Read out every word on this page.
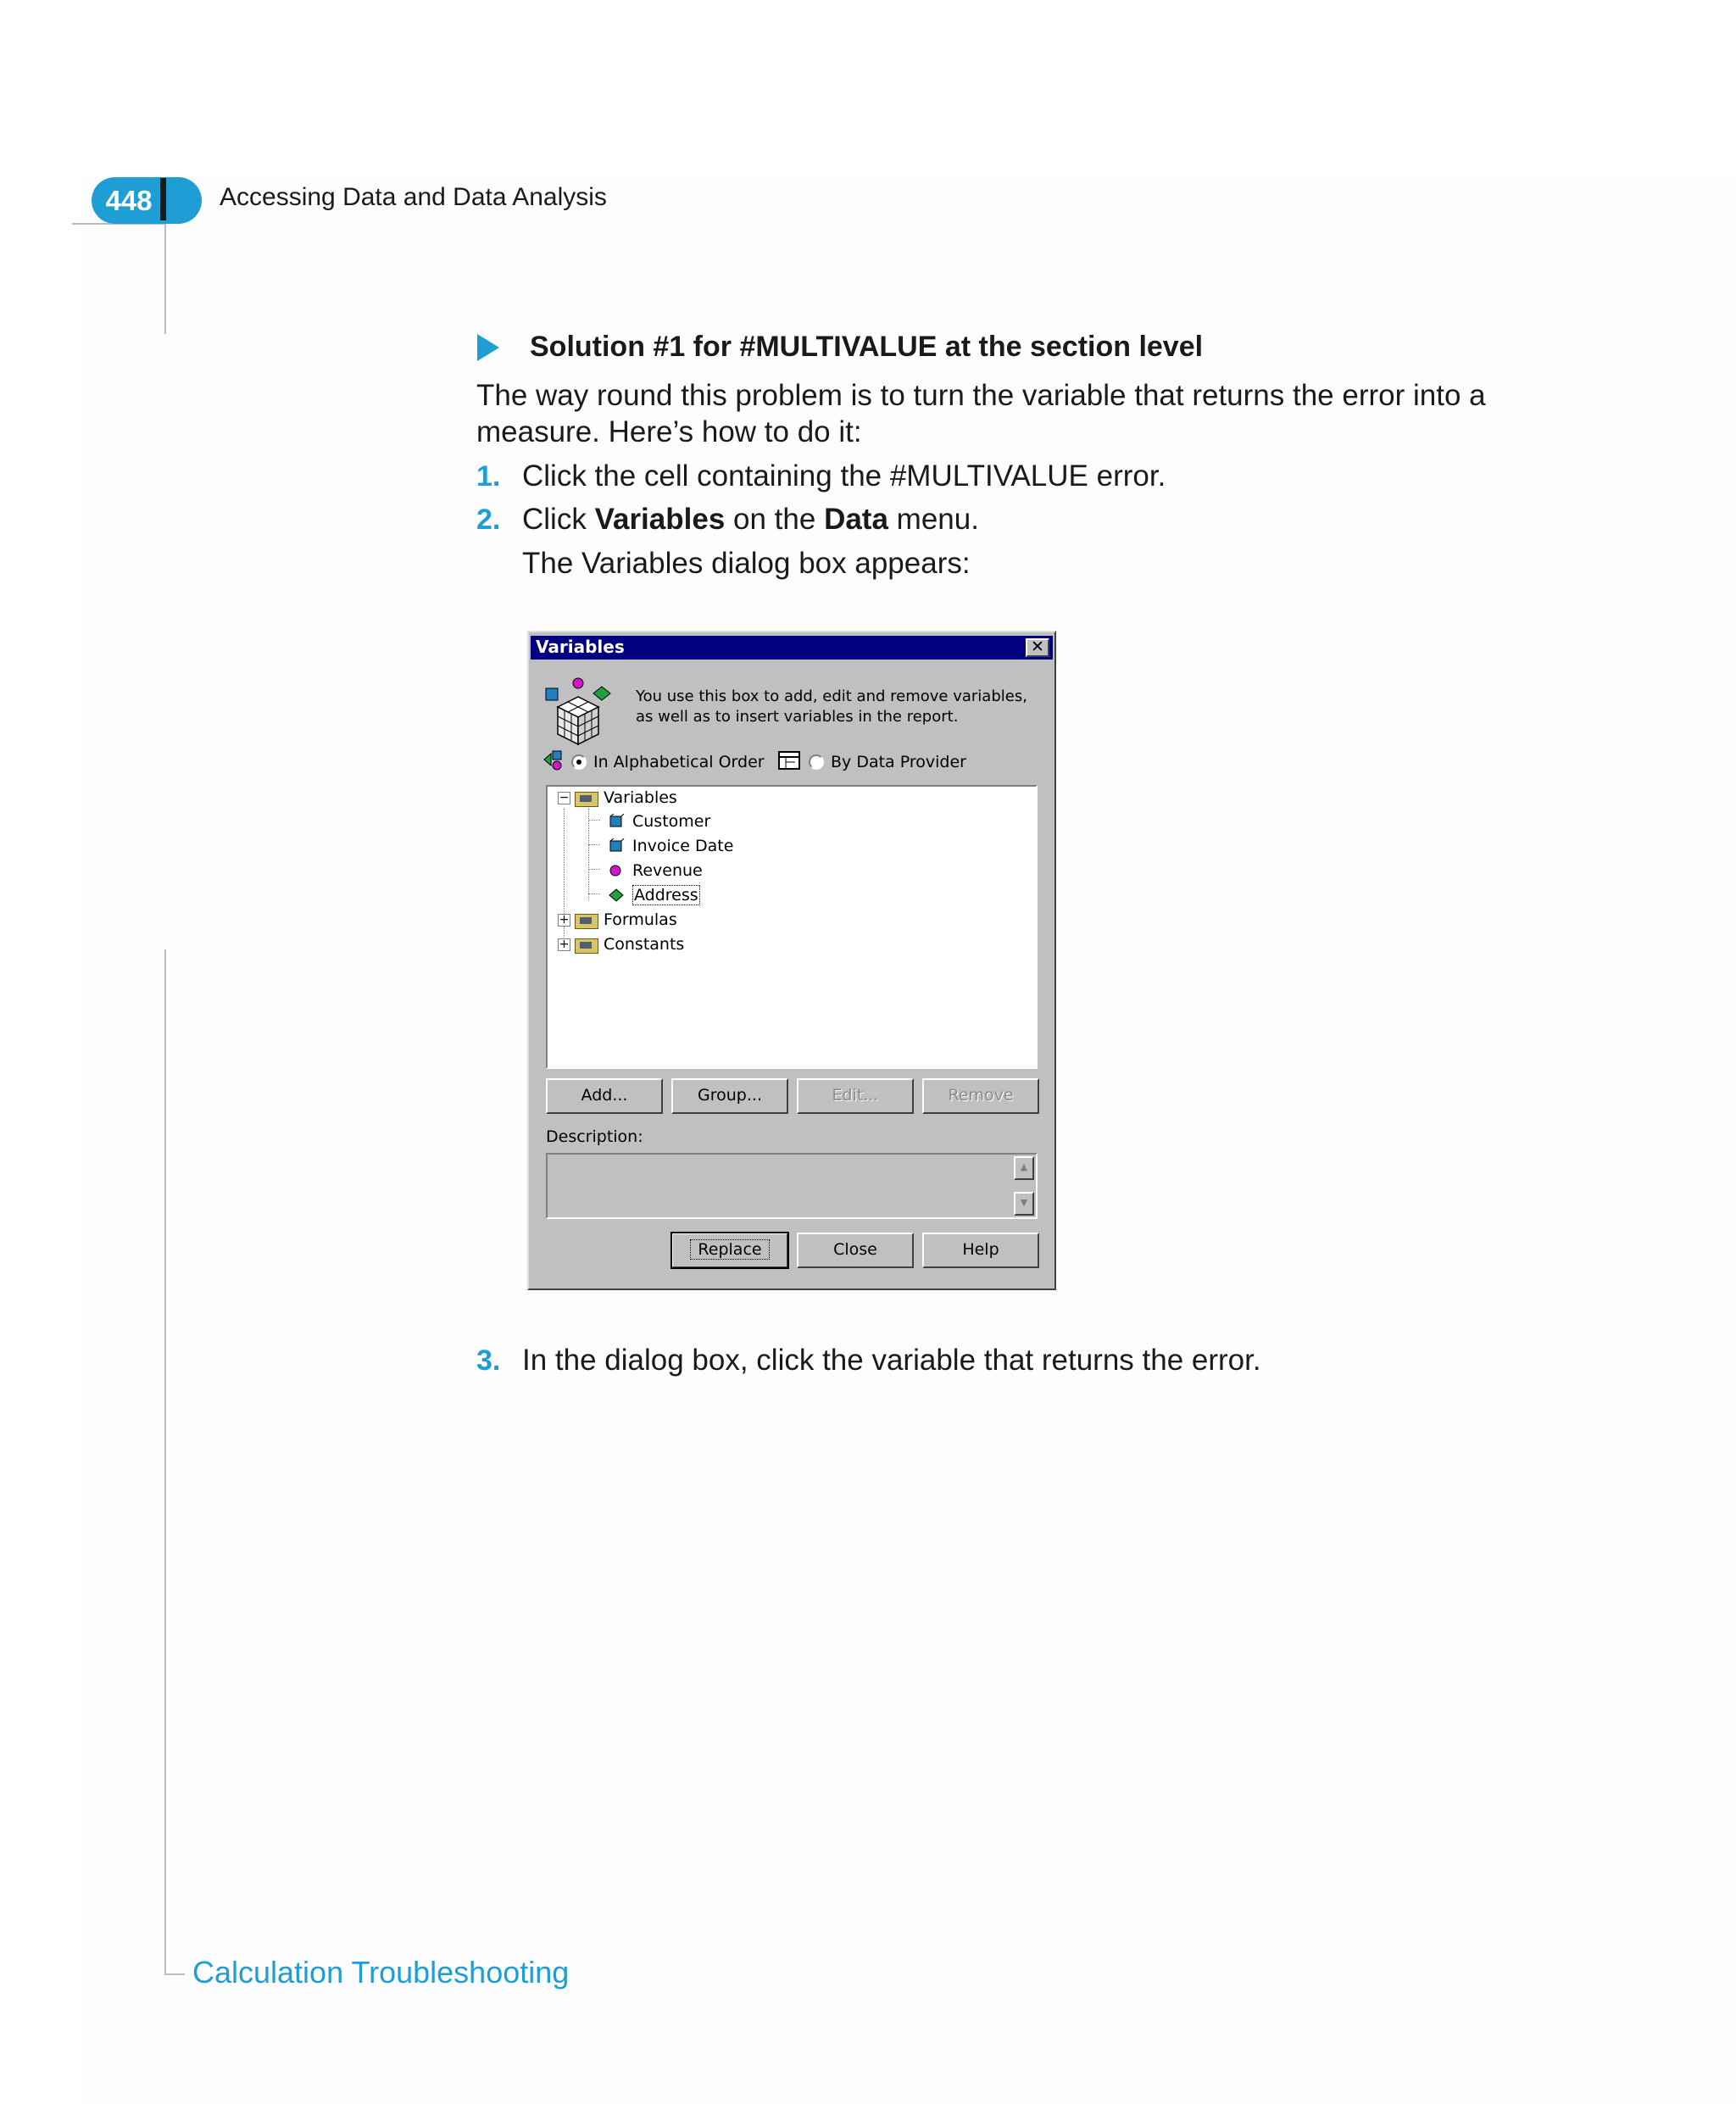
448	Accessing Data and Data Analysis
Solution #1 for #MULTIVALUE at the section level
The way round this problem is to turn the variable that returns the error into a
measure. Here’s how to do it:
1. Click the cell containing the #MULTIVALUE error.
2. Click Variables on the Data menu.
The Variables dialog box appears:
Variables	✕
You use this box to add, edit and remove variables, as well as to insert variables in the report.
In Alphabetical Order	By Data Provider
− Variables
Customer
Invoice Date
Revenue
Address
+ Formulas
+ Constants
Add...	Group...	Edit...	Remove
Description:
▲
▼
Replace	Close	Help
3. In the dialog box, click the variable that returns the error.
Calculation Troubleshooting
